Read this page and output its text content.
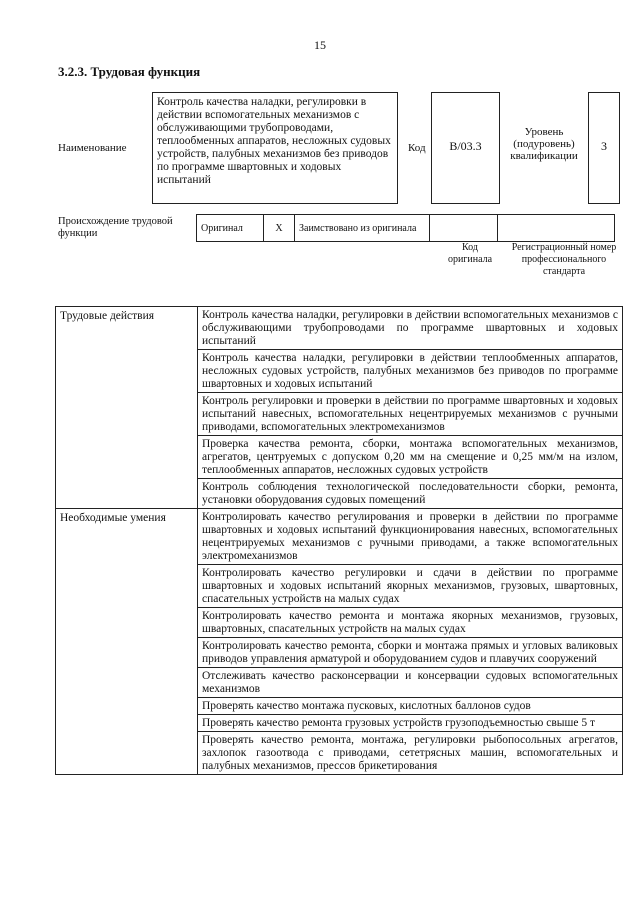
15
3.2.3. Трудовая функция
Наименование
Контроль качества наладки, регулировки в действии вспомогательных механизмов с обслуживающими трубопроводами, теплообменных аппаратов, несложных судовых устройств, палубных механизмов без приводов по программе швартовных и ходовых испытаний
Код	В/03.3
Уровень (подуровень) квалификации
3
Происхождение трудовой функции	Оригинал	X	Заимствовано из оригинала		
Код оригинала
Регистрационный номер профессионального стандарта
Трудовые действия	Контроль качества наладки, регулировки в действии вспомогательных механизмов с обслуживающими трубопроводами по программе швартовных и ходовых испытаний
	Контроль качества наладки, регулировки в действии теплообменных аппаратов, несложных судовых устройств, палубных механизмов без приводов по программе швартовных и ходовых испытаний
	Контроль регулировки и проверки в действии по программе швартовных и ходовых испытаний навесных, вспомогательных нецентрируемых механизмов с ручными приводами, вспомогательных электромеханизмов
	Проверка качества ремонта, сборки, монтажа вспомогательных механизмов, агрегатов, центруемых с допуском 0,20 мм на смещение и 0,25 мм/м на излом, теплообменных аппаратов, несложных судовых устройств
	Контроль соблюдения технологической последовательности сборки, ремонта, установки оборудования судовых помещений
Необходимые умения	Контролировать качество регулирования и проверки в действии по программе швартовных и ходовых испытаний функционирования навесных, вспомогательных нецентрируемых механизмов с ручными приводами, а также вспомогательных электромеханизмов
	Контролировать качество регулировки и сдачи в действии по программе швартовных и ходовых испытаний якорных механизмов, грузовых, швартовных, спасательных устройств на малых судах
	Контролировать качество ремонта и монтажа якорных механизмов, грузовых, швартовных, спасательных устройств на малых судах
	Контролировать качество ремонта, сборки и монтажа прямых и угловых валиковых приводов управления арматурой и оборудованием судов и плавучих сооружений
	Отслеживать качество расконсервации и консервации судовых вспомогательных механизмов
	Проверять качество монтажа пусковых, кислотных баллонов судов
	Проверять качество ремонта грузовых устройств грузоподъемностью свыше 5 т
	Проверять качество ремонта, монтажа, регулировки рыбопосольных агрегатов, захлопок газоотвода с приводами, сететрясных машин, вспомогательных и палубных механизмов, прессов брикетирования
